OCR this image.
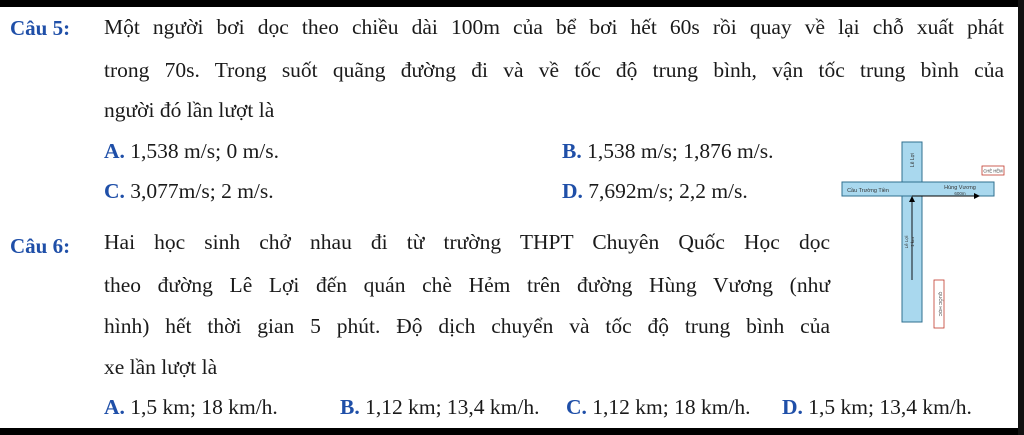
Câu 5: Một người bơi dọc theo chiều dài 100m của bể bơi hết 60s rồi quay về lại chỗ xuất phát
trong 70s. Trong suốt quãng đường đi và về tốc độ trung bình, vận tốc trung bình của
người đó lần lượt là
A. 1,538 m/s; 0 m/s.	B. 1,538 m/s; 1,876 m/s.
C. 3,077m/s; 2 m/s.	D. 7,692m/s; 2,2 m/s.
Câu 6: Hai học sinh chở nhau đi từ trường THPT Chuyên Quốc Học dọc
theo đường Lê Lợi đến quán chè Hẻm trên đường Hùng Vương (như
hình) hết thời gian 5 phút. Độ dịch chuyển và tốc độ trung bình của
xe lần lượt là
A. 1,5 km; 18 km/h.	B. 1,12 km; 13,4 km/h. C. 1,12 km; 18 km/h. D. 1,5 km; 13,4 km/h.
Lê Lợi
Cầu Trường Tiền	Hùng Vương
600m
Lê Lợi 1 km
CHÈ HẺM
QUỐC HỌC
